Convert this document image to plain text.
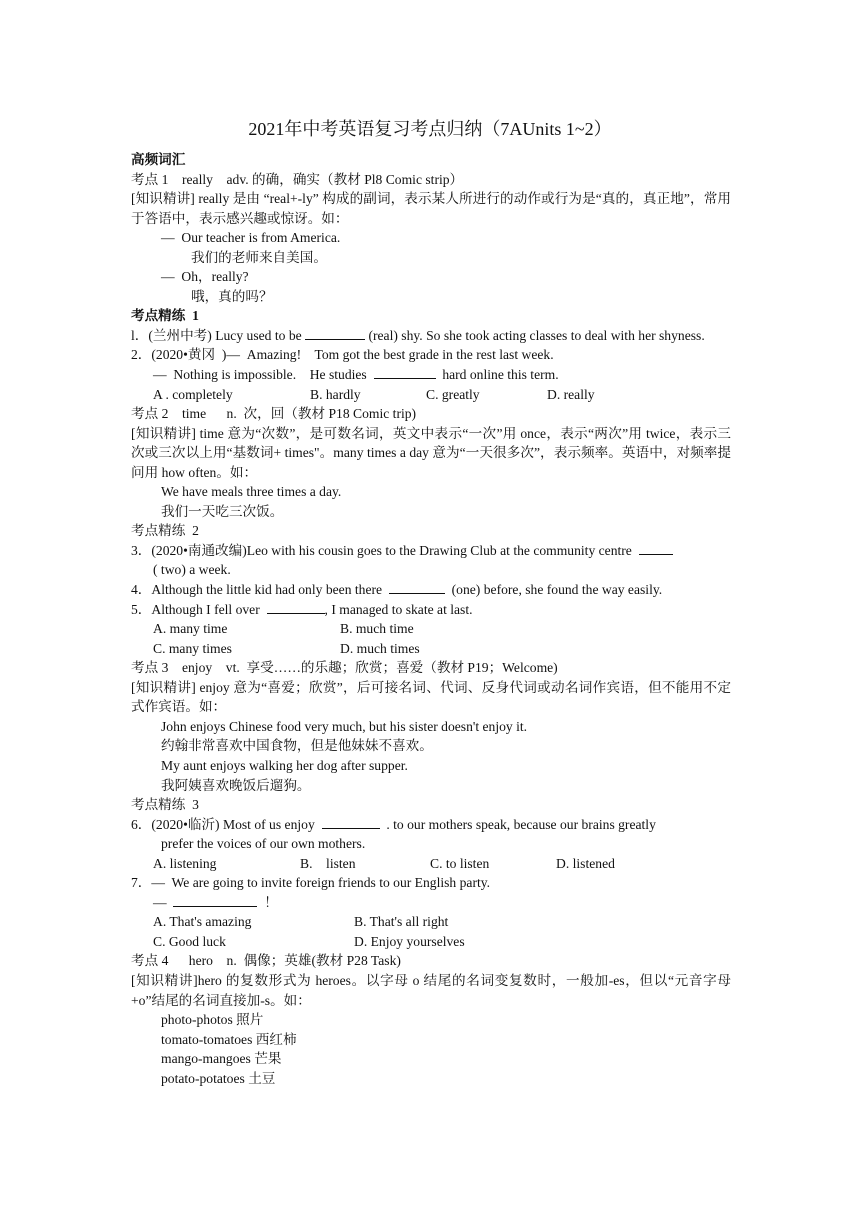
2021年中考英语复习考点归纳（7AUnits 1~2）
高频词汇
考点 1    really    adv. 的确，确实（教材 Pl8 Comic strip）
[知识精讲] really 是由 “real+-ly” 构成的副词，表示某人所进行的动作或行为是“真的，真正地”，常用于答语中，表示感兴趣或惊讶。如：
—  Our teacher is from America.
我们的老师来自美国。
—  Oh，really?
哦，真的吗？
考点精练  1
l．(兰州中考) Lucy used to be	(real) shy. So she took acting classes to deal with her shyness.
2．(2020•黄冈  )—  Amazing!    Tom got the best grade in the rest last week.
—  Nothing is impossible.    He studies	hard online this term.
A . completely	B. hardly	C. greatly	D. really
考点 2    time      n.  次，回（教材 P18 Comic trip)
[知识精讲] time 意为“次数”，是可数名词，英文中表示“一次”用 once，表示“两次”用 twice，表示三次或三次以上用“基数词+ times"。many times a day 意为“一天很多次”，表示频率。英语中，对频率提问用 how often。如：
We have meals three times a day.
我们一天吃三次饭。
考点精练  2
3．(2020•南通改编)Leo with his cousin goes to the Drawing Club at the community centre
( two) a week.
4．Although the little kid had only been there	(one) before, she found the way easily.
5．Although I fell over	, I managed to skate at last.
A. many time	B. much time
C. many times	D. much times
考点 3    enjoy    vt.  享受……的乐趣；欣赏；喜爱（教材 P19；Welcome)
[知识精讲] enjoy 意为“喜爱；欣赏”，后可接名词、代词、反身代词或动名词作宾语，但不能用不定式作宾语。如：
John enjoys Chinese food very much, but his sister doesn't enjoy it.
约翰非常喜欢中国食物，但是他妹妹不喜欢。
My aunt enjoys walking her dog after supper.
我阿姨喜欢晚饭后遛狗。
考点精练  3
6．(2020•临沂) Most of us enjoy	. to our mothers speak, because our brains greatly
prefer the voices of our own mothers.
A. listening	B.    listen	C. to listen	D. listened
7．—  We are going to invite foreign friends to our English party.
—	！
A. That's amazing	B. That's all right
C. Good luck	D. Enjoy yourselves
考点 4      hero    n.  偶像；英雄(教材 P28 Task)
[知识精讲]hero 的复数形式为 heroes。以字母 o 结尾的名词变复数时，一般加-es，但以“元音字母+o”结尾的名词直接加-s。如：
photo-photos 照片
tomato-tomatoes 西红柿
mango-mangoes 芒果
potato-potatoes 土豆
